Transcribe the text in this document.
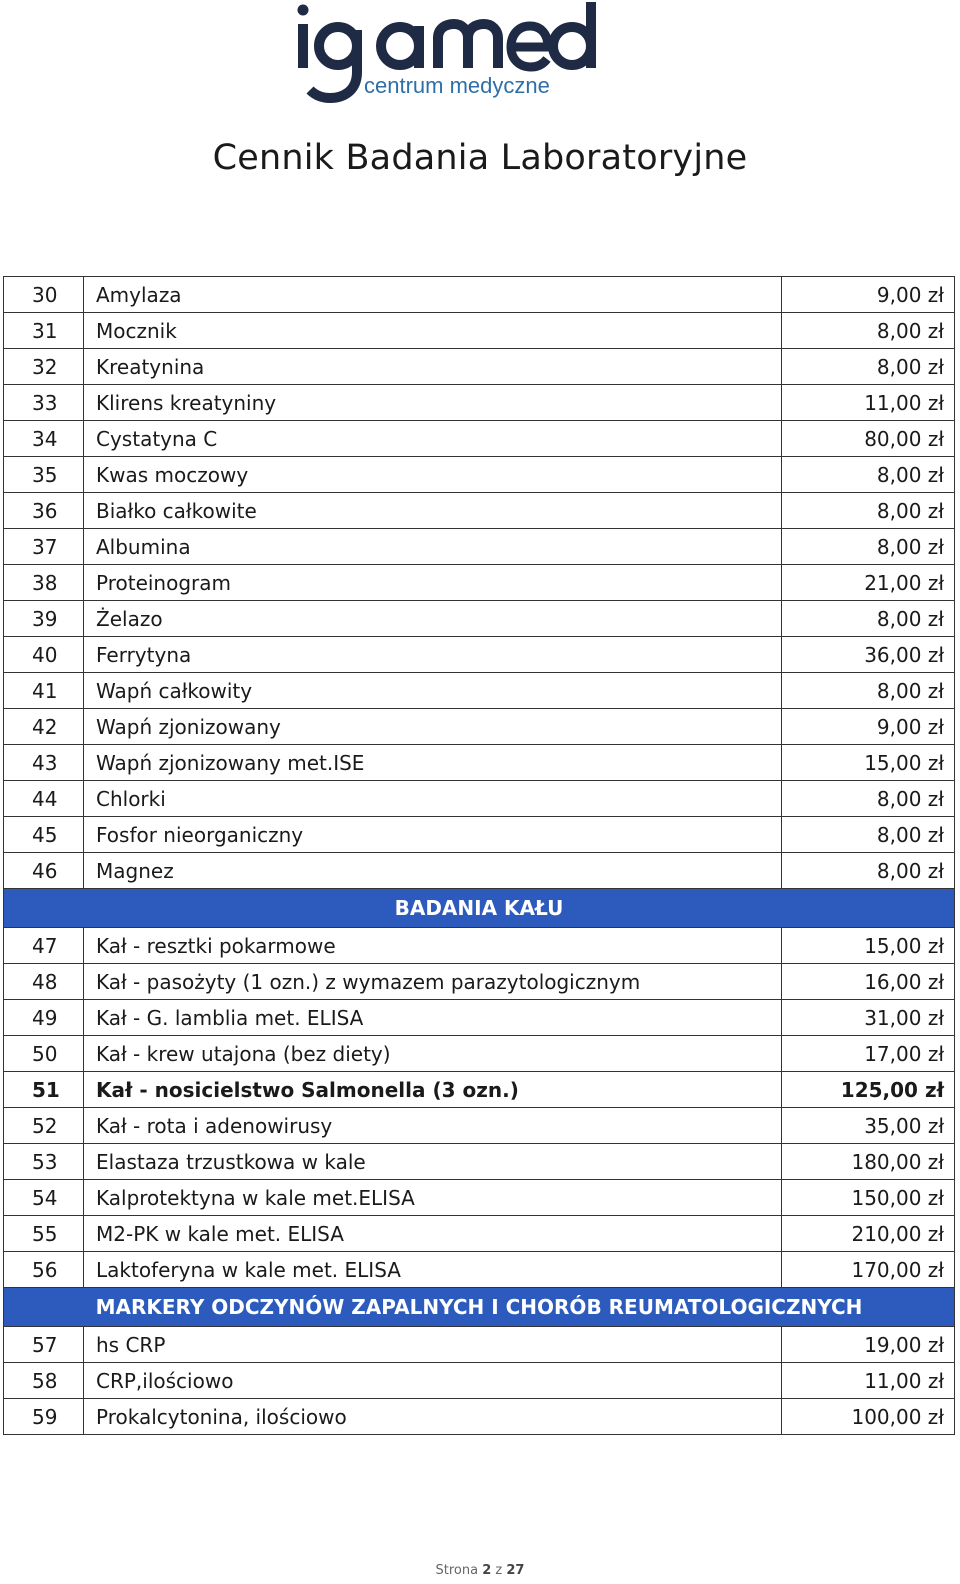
centrum medyczne
Cennik Badania Laboratoryjne
30	Amylaza	9,00 zł
31	Mocznik	8,00 zł
32	Kreatynina	8,00 zł
33	Klirens kreatyniny	11,00 zł
34	Cystatyna C	80,00 zł
35	Kwas moczowy	8,00 zł
36	Białko całkowite	8,00 zł
37	Albumina	8,00 zł
38	Proteinogram	21,00 zł
39	Żelazo	8,00 zł
40	Ferrytyna	36,00 zł
41	Wapń całkowity	8,00 zł
42	Wapń zjonizowany	9,00 zł
43	Wapń zjonizowany met.ISE	15,00 zł
44	Chlorki	8,00 zł
45	Fosfor nieorganiczny	8,00 zł
46	Magnez	8,00 zł
BADANIA KAŁU		
47	Kał - resztki pokarmowe	15,00 zł
48	Kał - pasożyty (1 ozn.) z wymazem parazytologicznym	16,00 zł
49	Kał - G. lamblia met. ELISA	31,00 zł
50	Kał - krew utajona (bez diety)	17,00 zł
51	Kał - nosicielstwo Salmonella (3 ozn.)	125,00 zł
52	Kał - rota i adenowirusy	35,00 zł
53	Elastaza trzustkowa w kale	180,00 zł
54	Kalprotektyna w kale met.ELISA	150,00 zł
55	M2-PK w kale met. ELISA	210,00 zł
56	Laktoferyna w kale met. ELISA	170,00 zł
MARKERY ODCZYNÓW ZAPALNYCH I CHORÓB REUMATOLOGICZNYCH		
57	hs CRP	19,00 zł
58	CRP,ilościowo	11,00 zł
59	Prokalcytonina, ilościowo	100,00 zł
Strona 2 z 27
